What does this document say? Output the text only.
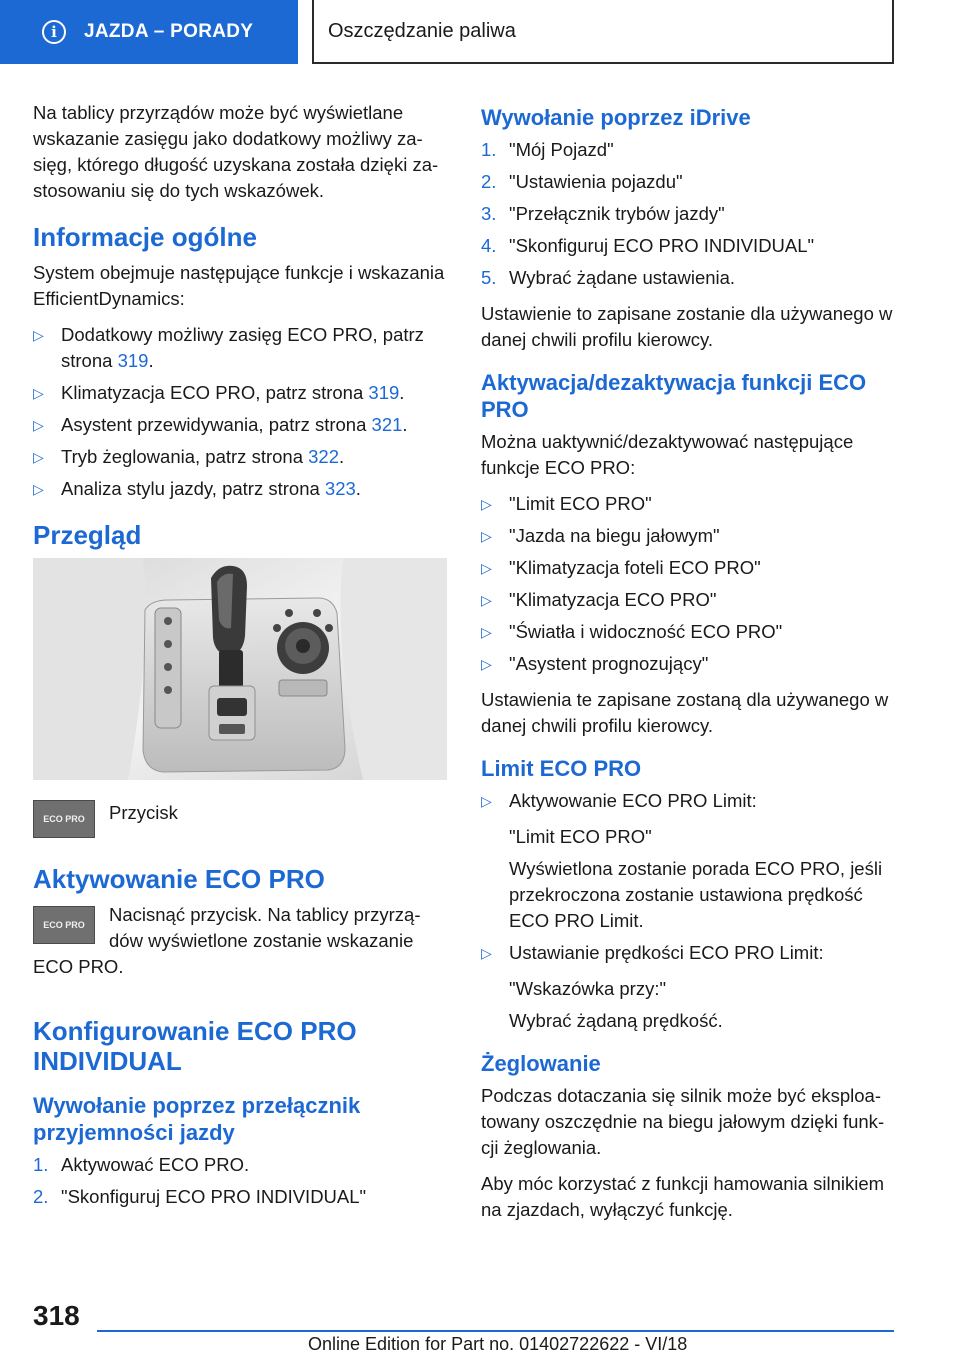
i	JAZDA – PORADY	Oszczędzanie paliwa

Na tablicy przyrządów może być wyświetlane wskazanie zasięgu jako dodatkowy możliwy zasięg, którego długość uzyskana została dzięki zastosowaniu się do tych wskazówek.

Informacje ogólne

System obejmuje następujące funkcje i wskazania EfficientDynamics:

▷ Dodatkowy możliwy zasięg ECO PRO, patrz strona 319.
▷ Klimatyzacja ECO PRO, patrz strona 319.
▷ Asystent przewidywania, patrz strona 321.
▷ Tryb żeglowania, patrz strona 322.
▷ Analiza stylu jazdy, patrz strona 323.
Przegląd
ECO PRO	Przycisk

Aktywowanie ECO PRO
ECO PRO	Nacisnąć przycisk. Na tablicy przyrządów wyświetlone zostanie wskazanie ECO PRO.

Konfigurowanie ECO PRO INDIVIDUAL
Wywołanie poprzez przełącznik przyjemności jazdy
1. Aktywować ECO PRO.
2. "Skonfiguruj ECO PRO INDIVIDUAL"
Wywołanie poprzez iDrive
1. "Mój Pojazd"
2. "Ustawienia pojazdu"
3. "Przełącznik trybów jazdy"
4. "Skonfiguruj ECO PRO INDIVIDUAL"
5. Wybrać żądane ustawienia.

Ustawienie to zapisane zostanie dla używanego w danej chwili profilu kierowcy.

Aktywacja/dezaktywacja funkcji ECO PRO

Można uaktywnić/dezaktywować następujące funkcje ECO PRO:

▷ "Limit ECO PRO"
▷ "Jazda na biegu jałowym"
▷ "Klimatyzacja foteli ECO PRO"
▷ "Klimatyzacja ECO PRO"
▷ "Światła i widoczność ECO PRO"
▷ "Asystent prognozujący"

Ustawienia te zapisane zostaną dla używanego w danej chwili profilu kierowcy.

Limit ECO PRO
▷ Aktywowanie ECO PRO Limit:

"Limit ECO PRO"

Wyświetlona zostanie porada ECO PRO, jeśli przekroczona zostanie ustawiona prędkość ECO PRO Limit.

▷ Ustawianie prędkości ECO PRO Limit:

"Wskazówka przy:"

Wybrać żądaną prędkość.

Żeglowanie

Podczas dotaczania się silnik może być eksploatowany oszczędnie na biegu jałowym dzięki funkcji żeglowania.

Aby móc korzystać z funkcji hamowania silnikiem na zjazdach, wyłączyć funkcję.

318
Online Edition for Part no. 01402722622 - VI/18
